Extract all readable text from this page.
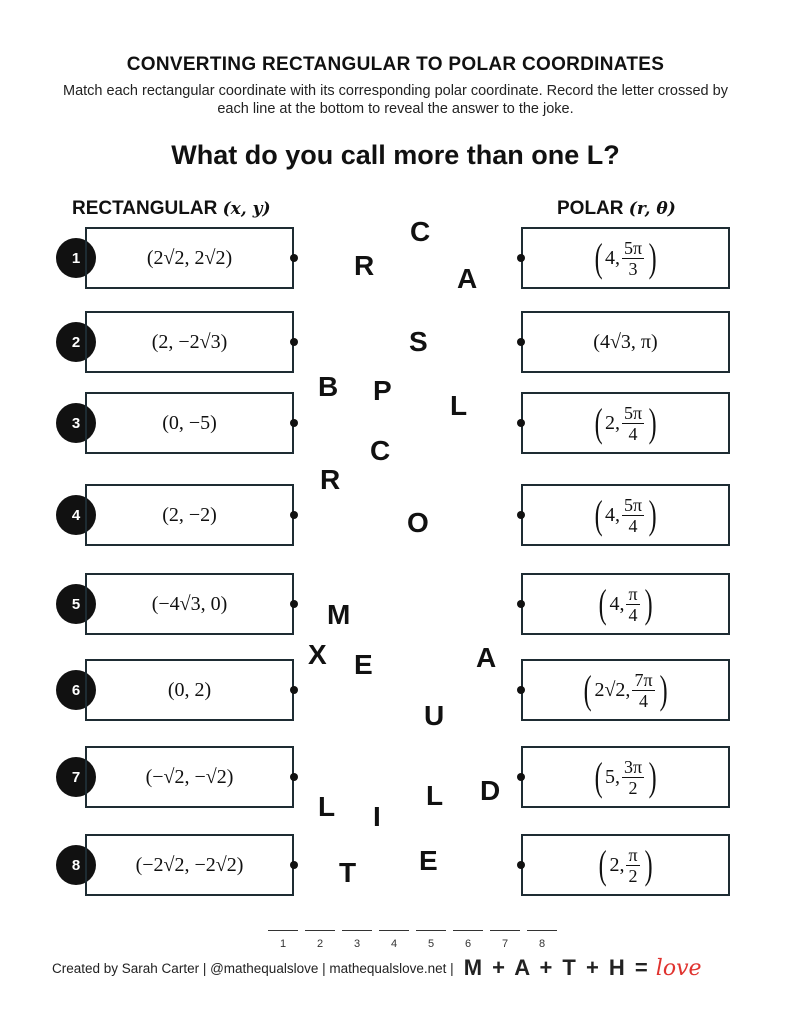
CONVERTING RECTANGULAR TO POLAR COORDINATES
Match each rectangular coordinate with its corresponding polar coordinate. Record the letter crossed by each line at the bottom to reveal the answer to the joke.
What do you call more than one L?
RECTANGULAR (x, y)	POLAR (r, θ)
1	(2√2, 2√2)	( 4, $\frac{5\pi}{3}$ )
2	(2, −2√3)	(4√3, π)
3	(0, −5)	( 2, $\frac{5\pi}{4}$ )
4	(2, −2)	( 4, $\frac{5\pi}{4}$ )
5	(−4√3, 0)	( 4, $\frac{\pi}{4}$ )
6	(0, 2)	( 2√2, $\frac{7\pi}{4}$ )
7	(−√2, −√2)	( 5, $\frac{3\pi}{2}$ )
8	(−2√2, −2√2)	( 2, $\frac{\pi}{2}$ )
C
R	A
S
B P L
C
R
O
M
X E	A
U
D
L
L I
E
T
1	2	3	4	5	6	7	8
Created by Sarah Carter | @mathequalslove | mathequalslove.net | M + A + T + H = love
